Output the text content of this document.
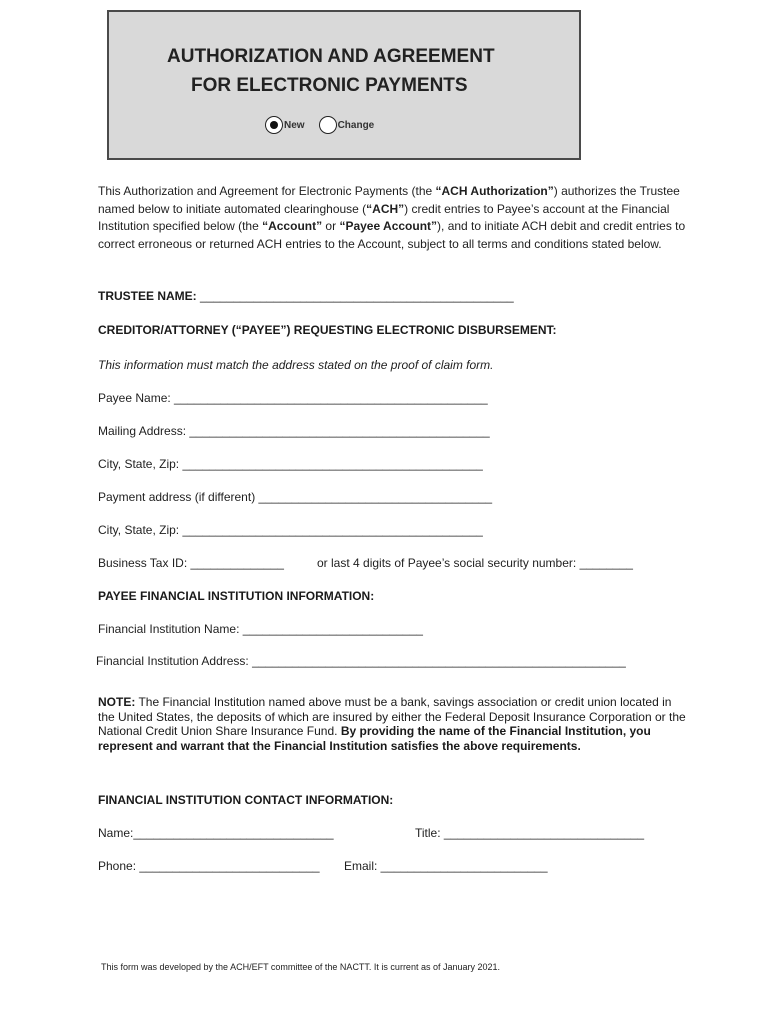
AUTHORIZATION AND AGREEMENT
FOR ELECTRONIC PAYMENTS
New	Change
This Authorization and Agreement for Electronic Payments (the “ACH Authorization”) authorizes the Trustee named below to initiate automated clearinghouse (“ACH”) credit entries to Payee’s account at the Financial Institution specified below (the “Account” or “Payee Account”), and to initiate ACH debit and credit entries to correct erroneous or returned ACH entries to the Account, subject to all terms and conditions stated below.
TRUSTEE NAME: _______________________________________________
CREDITOR/ATTORNEY (“PAYEE”) REQUESTING ELECTRONIC DISBURSEMENT:
This information must match the address stated on the proof of claim form.
Payee Name: _______________________________________________
Mailing Address: _____________________________________________
City, State, Zip: _____________________________________________
Payment address (if different) ___________________________________
City, State, Zip: _____________________________________________
Business Tax ID: ______________	or last 4 digits of Payee’s social security number: ________
PAYEE FINANCIAL INSTITUTION INFORMATION:
Financial Institution Name: ___________________________
Financial Institution Address: ________________________________________________________
NOTE: The Financial Institution named above must be a bank, savings association or credit union located in the United States, the deposits of which are insured by either the Federal Deposit Insurance Corporation or the National Credit Union Share Insurance Fund. By providing the name of the Financial Institution, you represent and warrant that the Financial Institution satisfies the above requirements.
FINANCIAL INSTITUTION CONTACT INFORMATION:
Name:______________________________	Title: ______________________________
Phone: ___________________________ Email: _________________________
This form was developed by the ACH/EFT committee of the NACTT. It is current as of January 2021.
